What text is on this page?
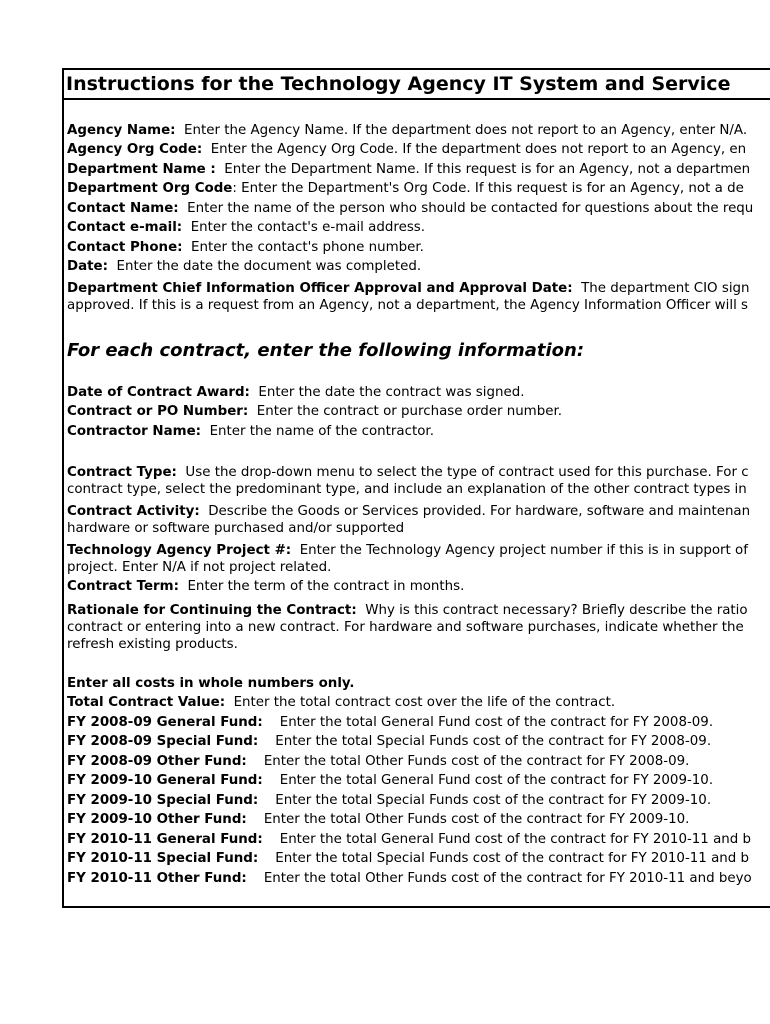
Instructions for the Technology Agency IT System and Service
Agency Name: Enter the Agency Name. If the department does not report to an Agency, enter N/A.
Agency Org Code: Enter the Agency Org Code. If the department does not report to an Agency, en
Department Name : Enter the Department Name. If this request is for an Agency, not a departmen
Department Org Code: Enter the Department's Org Code. If this request is for an Agency, not a de
Contact Name: Enter the name of the person who should be contacted for questions about the requ
Contact e-mail: Enter the contact's e-mail address.
Contact Phone: Enter the contact's phone number.
Date: Enter the date the document was completed.
Department Chief Information Officer Approval and Approval Date: The department CIO sign
approved. If this is a request from an Agency, not a department, the Agency Information Officer will s
For each contract, enter the following information:
Date of Contract Award: Enter the date the contract was signed.
Contract or PO Number: Enter the contract or purchase order number.
Contractor Name: Enter the name of the contractor.
Contract Type: Use the drop-down menu to select the type of contract used for this purchase. For c
contract type, select the predominant type, and include an explanation of the other contract types in
Contract Activity: Describe the Goods or Services provided. For hardware, software and maintenan
hardware or software purchased and/or supported
Technology Agency Project #: Enter the Technology Agency project number if this is in support of
project. Enter N/A if not project related.
Contract Term: Enter the term of the contract in months.
Rationale for Continuing the Contract: Why is this contract necessary? Briefly describe the ratio
contract or entering into a new contract. For hardware and software purchases, indicate whether the
refresh existing products.
Enter all costs in whole numbers only.
Total Contract Value: Enter the total contract cost over the life of the contract.
FY 2008-09 General Fund: Enter the total General Fund cost of the contract for FY 2008-09.
FY 2008-09 Special Fund: Enter the total Special Funds cost of the contract for FY 2008-09.
FY 2008-09 Other Fund: Enter the total Other Funds cost of the contract for FY 2008-09.
FY 2009-10 General Fund: Enter the total General Fund cost of the contract for FY 2009-10.
FY 2009-10 Special Fund: Enter the total Special Funds cost of the contract for FY 2009-10.
FY 2009-10 Other Fund: Enter the total Other Funds cost of the contract for FY 2009-10.
FY 2010-11 General Fund: Enter the total General Fund cost of the contract for FY 2010-11 and b
FY 2010-11 Special Fund: Enter the total Special Funds cost of the contract for FY 2010-11 and b
FY 2010-11 Other Fund: Enter the total Other Funds cost of the contract for FY 2010-11 and beyo
